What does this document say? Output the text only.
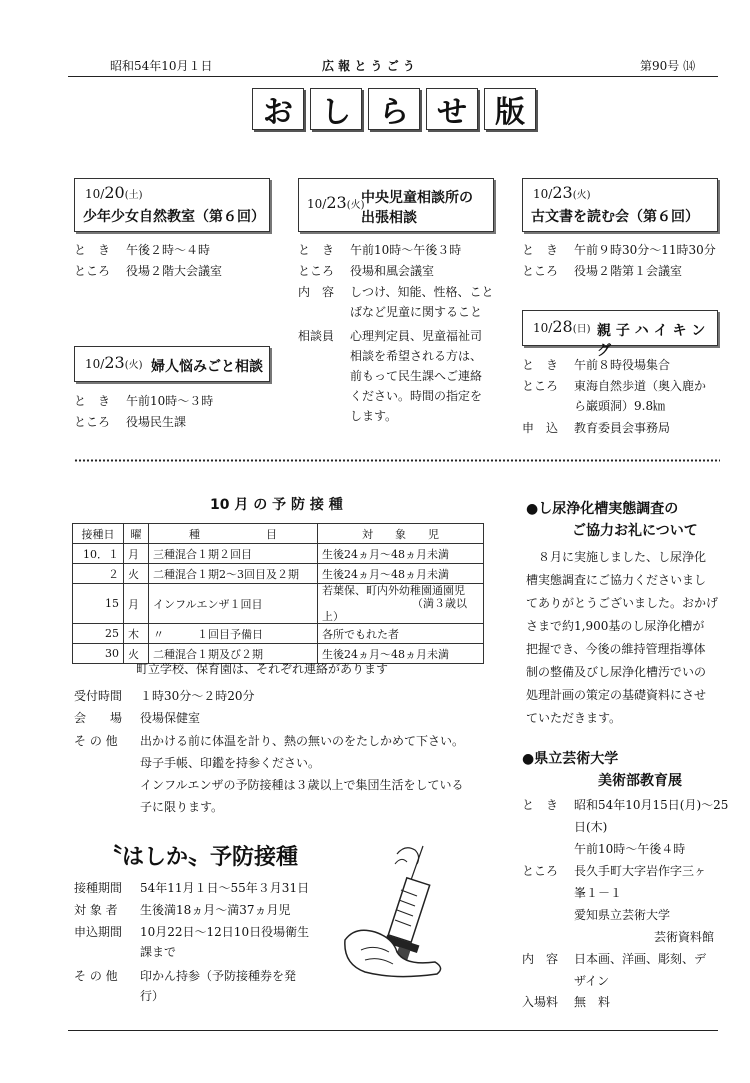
昭和54年10月１日	広 報 と う ご う	第90号 ⒁
お し ら せ 版
10/20(土)
少年少女自然教室（第６回）
と　き	午後２時～４時
ところ	役場２階大会議室
10/23(火) 婦人悩みごと相談
と　き	午前10時～３時
ところ	役場民生課
10/23(火)
中央児童相談所の
出張相談
と　き	午前10時～午後３時
ところ	役場和風会議室
内　容	しつけ、知能、性格、こと
ばなど児童に関すること
相談員	心理判定員、児童福祉司
相談を希望される方は、
前もって民生課へご連絡
ください。時間の指定を
します。
10/23(火)
古文書を読む会（第６回）
と　き	午前９時30分～11時30分
ところ	役場２階第１会議室
10/28(日) 親 子 ハ イ キ ン グ
と　き	午前８時役場集合
ところ	東海自然歩道（奥入鹿か
ら巌頭洞）9.8㎞
申　込	教育委員会事務局
10 月 の 予 防 接 種
接種日	曜	種　　　　　　目	対　　象　　児
10．１	月	三種混合１期２回目	生後24ヵ月～48ヵ月未満
２	火	二種混合１期2～3回目及２期	生後24ヵ月～48ヵ月未満
15	月	インフルエンザ１回目	若葉保、町内外幼稚園通園児
（満３歳以上）
25	木	〃　　　１回目予備日	各所でもれた者
30	火	二種混合１期及び２期	生後24ヵ月～48ヵ月未満
町立学校、保育園は、それぞれ連絡があります
受付時間	１時30分～２時20分
会　　場	役場保健室
そ の 他	出かける前に体温を計り、熱の無いのをたしかめて下さい。
母子手帳、印鑑を持参ください。
インフルエンザの予防接種は３歳以上で集団生活をしている
子に限ります。
〝はしか〟予防接種
接種期間	54年11月１日～55年３月31日
対 象 者	生後満18ヵ月～満37ヵ月児
申込期間	10月22日～12日10日役場衛生
課まで
そ の 他	印かん持参（予防接種券を発
行）
●し尿浄化槽実態調査の
ご協力お礼について
　８月に実施しました、し尿浄化
槽実態調査にご協力くださいまし
てありがとうございました。おかげ
さまで約1,900基のし尿浄化槽が
把握でき、今後の維持管理指導体
制の整備及びし尿浄化槽汚でいの
処理計画の策定の基礎資料にさせ
ていただきます。
●県立芸術大学
美術部教育展
と　き	昭和54年10月15日(月)～25
日(木)
午前10時～午後４時
ところ	長久手町大字岩作字三ヶ
峯１－１
愛知県立芸術大学
芸術資料館
内　容	日本画、洋画、彫刻、デ
ザイン
入場料	無　料
